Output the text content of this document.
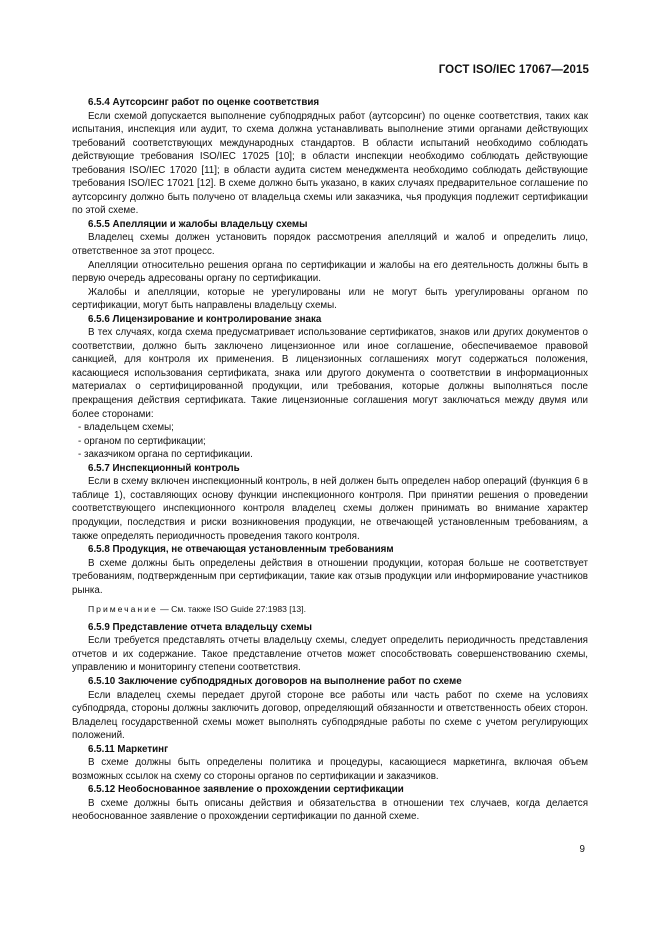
ГОСТ ISO/IEC 17067—2015
6.5.4 Аутсорсинг работ по оценке соответствия

Если схемой допускается выполнение субподрядных работ (аутсорсинг) по оценке соответствия, таких как испытания, инспекция или аудит, то схема должна устанавливать выполнение этими органами действующих требований соответствующих международных стандартов. В области испытаний необходимо соблюдать действующие требования ISO/IEC 17025 [10]; в области инспекции необходимо соблюдать действующие требования ISO/IEC 17020 [11]; в области аудита систем менеджмента необходимо соблюдать действующие требования ISO/IEC 17021 [12]. В схеме должно быть указано, в каких случаях предварительное соглашение по аутсорсингу должно быть получено от владельца схемы или заказчика, чья продукция подлежит сертификации по этой схеме.

6.5.5 Апелляции и жалобы владельцу схемы

Владелец схемы должен установить порядок рассмотрения апелляций и жалоб и определить лицо, ответственное за этот процесс.

Апелляции относительно решения органа по сертификации и жалобы на его деятельность должны быть в первую очередь адресованы органу по сертификации.

Жалобы и апелляции, которые не урегулированы или не могут быть урегулированы органом по сертификации, могут быть направлены владельцу схемы.

6.5.6 Лицензирование и контролирование знака

В тех случаях, когда схема предусматривает использование сертификатов, знаков или других документов о соответствии, должно быть заключено лицензионное или иное соглашение, обеспечиваемое правовой санкцией, для контроля их применения. В лицензионных соглашениях могут содержаться положения, касающиеся использования сертификата, знака или другого документа о соответствии в информационных материалах о сертифицированной продукции, или требования, которые должны выполняться после прекращения действия сертификата. Такие лицензионные соглашения могут заключаться между двумя или более сторонами:

- владельцем схемы;
- органом по сертификации;
- заказчиком органа по сертификации.
6.5.7 Инспекционный контроль

Если в схему включен инспекционный контроль, в ней должен быть определен набор операций (функция 6 в таблице 1), составляющих основу функции инспекционного контроля. При принятии решения о проведении соответствующего инспекционного контроля владелец схемы должен принимать во внимание характер продукции, последствия и риски возникновения продукции, не отвечающей установленным требованиям, а также определять периодичность проведения такого контроля.

6.5.8 Продукция, не отвечающая установленным требованиям

В схеме должны быть определены действия в отношении продукции, которая больше не соответствует требованиям, подтвержденным при сертификации, такие как отзыв продукции или информирование участников рынка.

Примечание — См. также ISO Guide 27:1983 [13].

6.5.9 Представление отчета владельцу схемы

Если требуется представлять отчеты владельцу схемы, следует определить периодичность представления отчетов и их содержание. Такое представление отчетов может способствовать совершенствованию схемы, управлению и мониторингу степени соответствия.

6.5.10 Заключение субподрядных договоров на выполнение работ по схеме

Если владелец схемы передает другой стороне все работы или часть работ по схеме на условиях субподряда, стороны должны заключить договор, определяющий обязанности и ответственность обеих сторон. Владелец государственной схемы может выполнять субподрядные работы по схеме с учетом регулирующих положений.

6.5.11 Маркетинг

В схеме должны быть определены политика и процедуры, касающиеся маркетинга, включая объем возможных ссылок на схему со стороны органов по сертификации и заказчиков.

6.5.12 Необоснованное заявление о прохождении сертификации

В схеме должны быть описаны действия и обязательства в отношении тех случаев, когда делается необоснованное заявление о прохождении сертификации по данной схеме.

9
